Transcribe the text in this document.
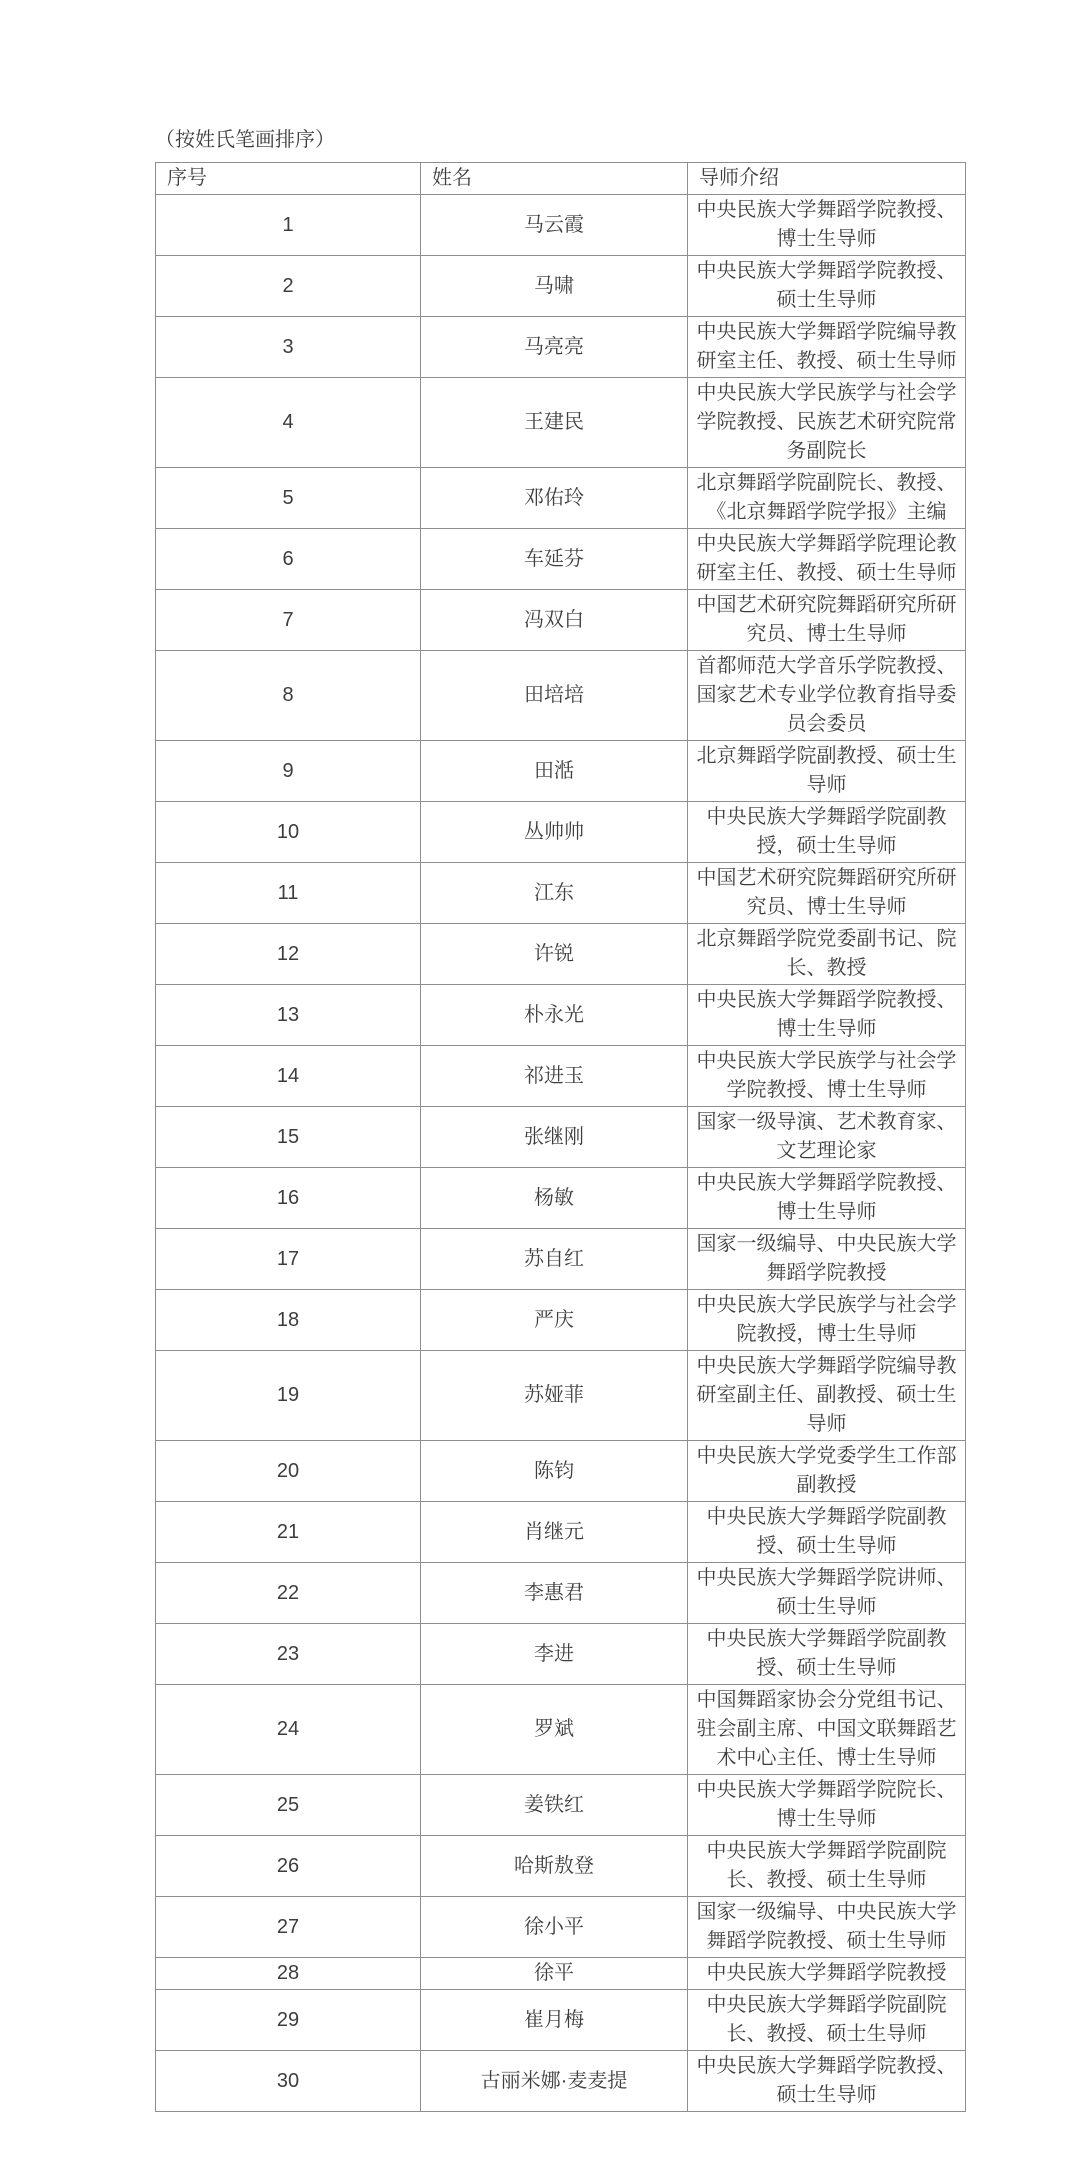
（按姓氏笔画排序）

序号	姓名	导师介绍
1	马云霞	中央民族大学舞蹈学院教授、博士生导师
2	马啸	中央民族大学舞蹈学院教授、硕士生导师
3	马亮亮	中央民族大学舞蹈学院编导教研室主任、教授、硕士生导师
4	王建民	中央民族大学民族学与社会学学院教授、民族艺术研究院常务副院长
5	邓佑玲	北京舞蹈学院副院长、教授、《北京舞蹈学院学报》主编
6	车延芬	中央民族大学舞蹈学院理论教研室主任、教授、硕士生导师
7	冯双白	中国艺术研究院舞蹈研究所研究员、博士生导师
8	田培培	首都师范大学音乐学院教授、国家艺术专业学位教育指导委员会委员
9	田湉	北京舞蹈学院副教授、硕士生导师
10	丛帅帅	中央民族大学舞蹈学院副教授，硕士生导师
11	江东	中国艺术研究院舞蹈研究所研究员、博士生导师
12	许锐	北京舞蹈学院党委副书记、院长、教授
13	朴永光	中央民族大学舞蹈学院教授、博士生导师
14	祁进玉	中央民族大学民族学与社会学学院教授、博士生导师
15	张继刚	国家一级导演、艺术教育家、文艺理论家
16	杨敏	中央民族大学舞蹈学院教授、博士生导师
17	苏自红	国家一级编导、中央民族大学舞蹈学院教授
18	严庆	中央民族大学民族学与社会学院教授，博士生导师
19	苏娅菲	中央民族大学舞蹈学院编导教研室副主任、副教授、硕士生导师
20	陈钧	中央民族大学党委学生工作部副教授
21	肖继元	中央民族大学舞蹈学院副教授、硕士生导师
22	李惠君	中央民族大学舞蹈学院讲师、硕士生导师
23	李进	中央民族大学舞蹈学院副教授、硕士生导师
24	罗斌	中国舞蹈家协会分党组书记、驻会副主席、中国文联舞蹈艺术中心主任、博士生导师
25	姜铁红	中央民族大学舞蹈学院院长、博士生导师
26	哈斯敖登	中央民族大学舞蹈学院副院长、教授、硕士生导师
27	徐小平	国家一级编导、中央民族大学舞蹈学院教授、硕士生导师
28	徐平	中央民族大学舞蹈学院教授
29	崔月梅	中央民族大学舞蹈学院副院长、教授、硕士生导师
30	古丽米娜·麦麦提	中央民族大学舞蹈学院教授、硕士生导师
